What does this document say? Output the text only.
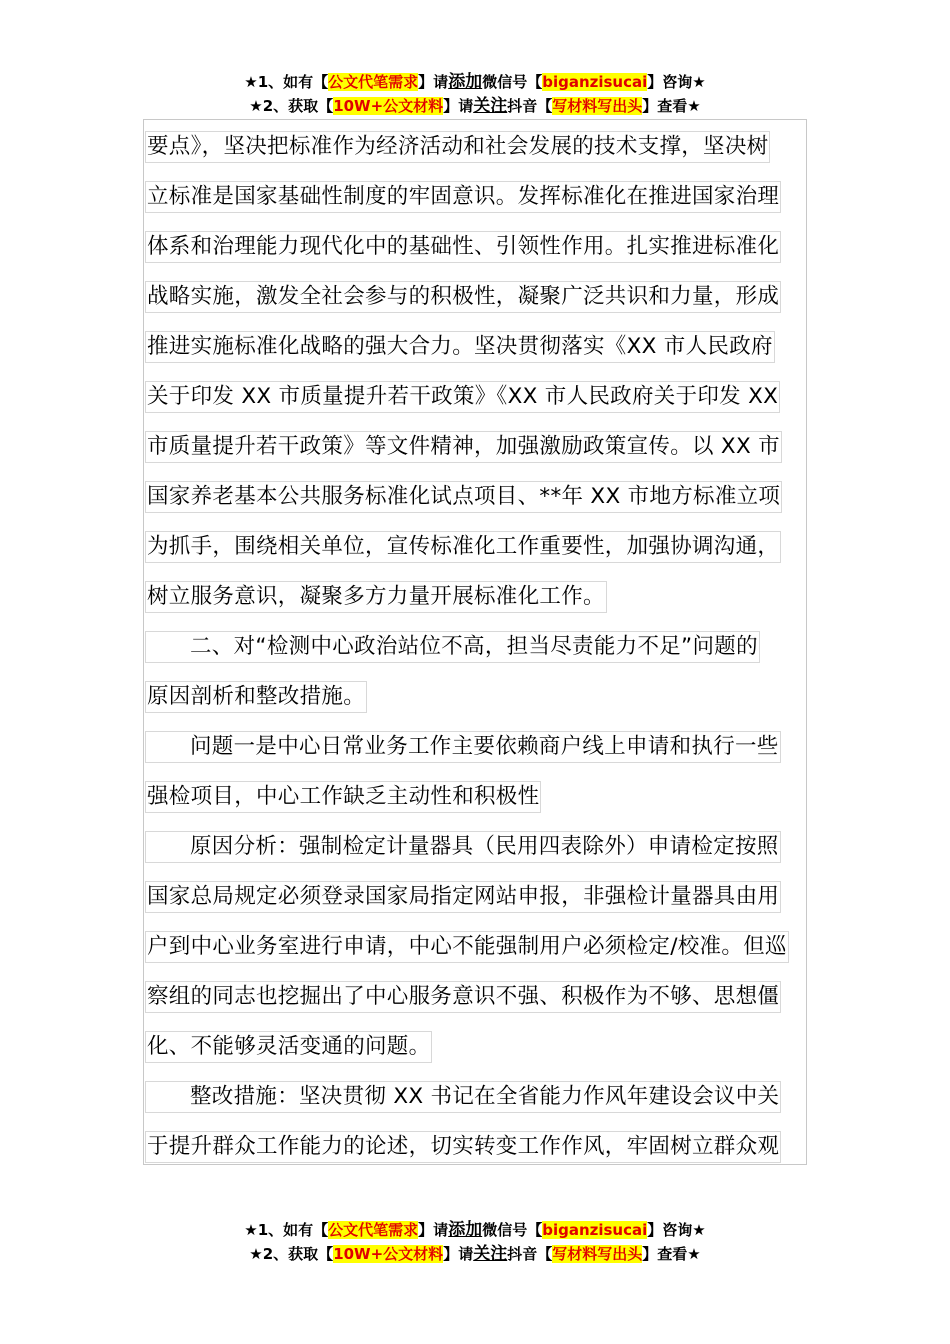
★1、如有【公文代笔需求】请添加微信号【biganzisucai】咨询★
★2、获取【10W+公文材料】请关注抖音【写材料写出头】查看★
要点》，坚决把标准作为经济活动和社会发展的技术支撑，坚决树
立标准是国家基础性制度的牢固意识。发挥标准化在推进国家治理
体系和治理能力现代化中的基础性、引领性作用。扎实推进标准化
战略实施，激发全社会参与的积极性，凝聚广泛共识和力量，形成
推进实施标准化战略的强大合力。坚决贯彻落实《XX 市人民政府
关于印发 XX 市质量提升若干政策》《XX 市人民政府关于印发 XX
市质量提升若干政策》等文件精神，加强激励政策宣传。以 XX 市
国家养老基本公共服务标准化试点项目、**年 XX 市地方标准立项
为抓手，围绕相关单位，宣传标准化工作重要性，加强协调沟通，
树立服务意识，凝聚多方力量开展标准化工作。
二、对“检测中心政治站位不高，担当尽责能力不足”问题的
原因剖析和整改措施。
问题一是中心日常业务工作主要依赖商户线上申请和执行一些
强检项目，中心工作缺乏主动性和积极性
原因分析：强制检定计量器具（民用四表除外）申请检定按照
国家总局规定必须登录国家局指定网站申报，非强检计量器具由用
户到中心业务室进行申请，中心不能强制用户必须检定/校准。但巡
察组的同志也挖掘出了中心服务意识不强、积极作为不够、思想僵
化、不能够灵活变通的问题。
整改措施：坚决贯彻 XX 书记在全省能力作风年建设会议中关
于提升群众工作能力的论述，切实转变工作作风，牢固树立群众观
★1、如有【公文代笔需求】请添加微信号【biganzisucai】咨询★
★2、获取【10W+公文材料】请关注抖音【写材料写出头】查看★
